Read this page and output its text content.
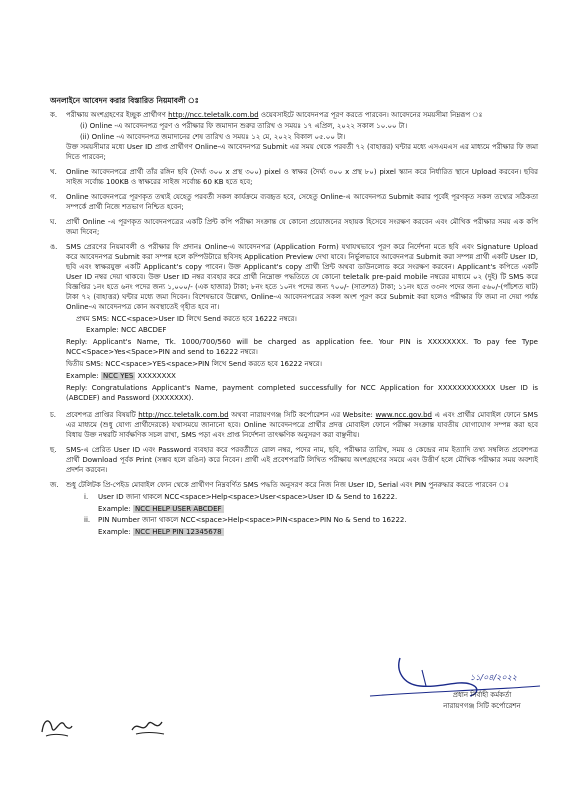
অনলাইনে আবেদন করার বিস্তারিত নিয়মাবলী ঃ
ক.	পরীক্ষায় অংশগ্রহণের ইচ্ছুক প্রার্থীগণ http://ncc.teletalk.com.bd ওয়েবসাইটে আবেদনপত্র পূরণ করতে পারবেন। আবেদনের সময়সীমা নিম্নরূপ ঃ
(i) Online -এ আবেদনপত্র পূরণ ও পরীক্ষার ফি জমাদান শুরুর তারিখ ও সময়ঃ ১৭ এপ্রিল, ২০২২ সকাল ১০.০০ টা।
(ii) Online -এ আবেদনপত্র জমাদানের শেষ তারিখ ও সময়ঃ ১২ মে, ২০২২ বিকাল ০৫.০০ টা।
উক্ত সময়সীমার মধ্যে User ID প্রাপ্ত প্রার্থীগণ Online-এ আবেদনপত্র Submit এর সময় থেকে পরবর্তী ৭২ (বাহাত্তর) ঘন্টার মধ্যে এসএমএস এর মাধ্যমে পরীক্ষার ফি জমা দিতে পারবেন;
খ.	Online আবেদনপত্রে প্রার্থী তাঁর রঙ্গিন ছবি (দৈর্ঘ্য ৩০০ x প্রস্থ ৩০০) pixel ও স্বাক্ষর (দৈর্ঘ্য ৩০০ x প্রস্থ ৮০) pixel স্ক্যান করে নির্ধারিত স্থানে Upload করবেন। ছবির সাইজ সর্বোচ্চ 100KB ও স্বাক্ষরের সাইজ সর্বোচ্চ 60 KB হতে হবে;
গ.	Online আবেদনপত্রে পূরণকৃত তথ্যই যেহেতু পরবর্তী সকল কার্যক্রমে ব্যবহৃত হবে, সেহেতু Online-এ আবেদনপত্র Submit করার পূর্বেই পূরণকৃত সকল তথ্যের সঠিকতা সম্পর্কে প্রার্থী নিজে শতভাগ নিশ্চিত হবেন;
ঘ.	প্রার্থী Online -এ পূরণকৃত আবেদনপত্রের একটি প্রিন্ট কপি পরীক্ষা সংক্রান্ত যে কোনো প্রয়োজনের সহায়ক হিসেবে সংরক্ষণ করবেন এবং মৌখিক পরীক্ষার সময় এক কপি জমা দিবেন;
ঙ.	SMS প্রেরণের নিয়মাবলী ও পরীক্ষার ফি প্রদানঃ Online-এ আবেদনপত্র (Application Form) যথাযথভাবে পূরণ করে নির্দেশনা মতে ছবি এবং Signature Upload করে আবেদনপত্র Submit করা সম্পন্ন হলে কম্পিউটারে ছবিসহ Application Preview দেখা যাবে। নির্ভুলভাবে আবেদনপত্র Submit করা সম্পন্ন প্রার্থী একটি User ID, ছবি এবং স্বাক্ষরযুক্ত একটি Applicant's copy পাবেন। উক্ত Applicant's copy প্রার্থী প্রিন্ট অথবা ডাউনলোড করে সংরক্ষণ করবেন। Applicant's কপিতে একটি User ID নম্বর দেয়া থাকবে। উক্ত User ID নম্বর ব্যবহার করে প্রার্থী নিম্নোক্ত পদ্ধতিতে যে কোনো teletalk pre-paid mobile নম্বরের মাধ্যমে ০২ (দুই) টি SMS করে বিজ্ঞপ্তির ১নং হতে ৬নং পদের জন্য ১,০০০/- (এক হাজার) টাকা; ৮নং হতে ১০নং পদের জন্য ৭০০/- (সাতশত) টাকা; ১১নং হতে ৩৩নং পদের জন্য ৫৬০/-(পাঁচশত ষাট) টাকা ৭২ (বাহাত্তর) ঘন্টার মধ্যে জমা দিবেন। বিশেষভাবে উল্লেখ্য, Online-এ আবেদনপত্রের সকল অংশ পূরণ করে Submit করা হলেও পরীক্ষার ফি জমা না দেয়া পর্যন্ত Online-এ আবেদনপত্র কোন অবস্থাতেই গৃহীত হবে না।
প্রথম SMS: NCC<space>User ID লিখে Send করতে হবে 16222 নম্বরে।
Example: NCC ABCDEF
Reply: Applicant's Name, Tk. 1000/700/560 will be charged as application fee. Your PIN is XXXXXXXX. To pay fee Type NCC<Space>Yes<Space>PIN and send to 16222 নম্বরে।
দ্বিতীয় SMS: NCC<space>YES<space>PIN লিখে Send করতে হবে 16222 নম্বরে।
Example: NCC YES XXXXXXXX
Reply: Congratulations Applicant's Name, payment completed successfully for NCC Application for XXXXXXXXXXXX User ID is (ABCDEF) and Password (XXXXXXX).
চ.	প্রবেশপত্র প্রাপ্তির বিষয়টি http://ncc.teletalk.com.bd অথবা নারায়ণগঞ্জ সিটি কর্পোরেশন এর Website: www.ncc.gov.bd এ এবং প্রার্থীর মোবাইল ফোনে SMS এর মাধ্যমে (শুধু যোগ্য প্রার্থীদেরকে) যথাসময়ে জানানো হবে। Online আবেদনপত্রে প্রার্থীর প্রদত্ত মোবাইল ফোনে পরীক্ষা সংক্রান্ত যাবতীয় যোগাযোগ সম্পন্ন করা হবে বিধায় উক্ত নম্বরটি সার্বক্ষণিক সচল রাখা, SMS পড়া এবং প্রাপ্ত নির্দেশনা তাৎক্ষণিক অনুসরণ করা বাঞ্ছনীয়।
ছ.	SMS-এ প্রেরিত User ID এবং Password ব্যবহার করে পরবর্তীতে রোল নম্বর, পদের নাম, ছবি, পরীক্ষার তারিখ, সময় ও কেন্দ্রের নাম ইত্যাদি তথ্য সম্বলিত প্রবেশপত্র প্রার্থী Download পূর্বক Print (সম্ভব হলে রঙিন) করে নিবেন। প্রার্থী এই প্রবেশপত্রটি লিখিত পরীক্ষায় অংশগ্রহণের সময়ে এবং উত্তীর্ণ হলে মৌখিক পরীক্ষার সময় অবশ্যই প্রদর্শন করবেন।
জ.	শুধু টেলিটক প্রি-পেইড মোবাইল ফোন থেকে প্রার্থীগণ নিম্নবর্ণিত SMS পদ্ধতি অনুসরণ করে নিজ নিজ User ID, Serial এবং PIN পুনরুদ্ধার করতে পারবেন ঃ
i.	User ID জানা থাকলে NCC<space>Help<space>User<space>User ID & Send to 16222.
Example: NCC HELP USER ABCDEF
ii.	PIN Number জানা থাকলে NCC<space>Help<space>PIN<space>PIN No & Send to 16222.
Example: NCC HELP PIN 12345678
১১/০৪/২০২২
প্রধান নির্বাহী কর্মকর্তা
নারায়ণগঞ্জ সিটি কর্পোরেশন
